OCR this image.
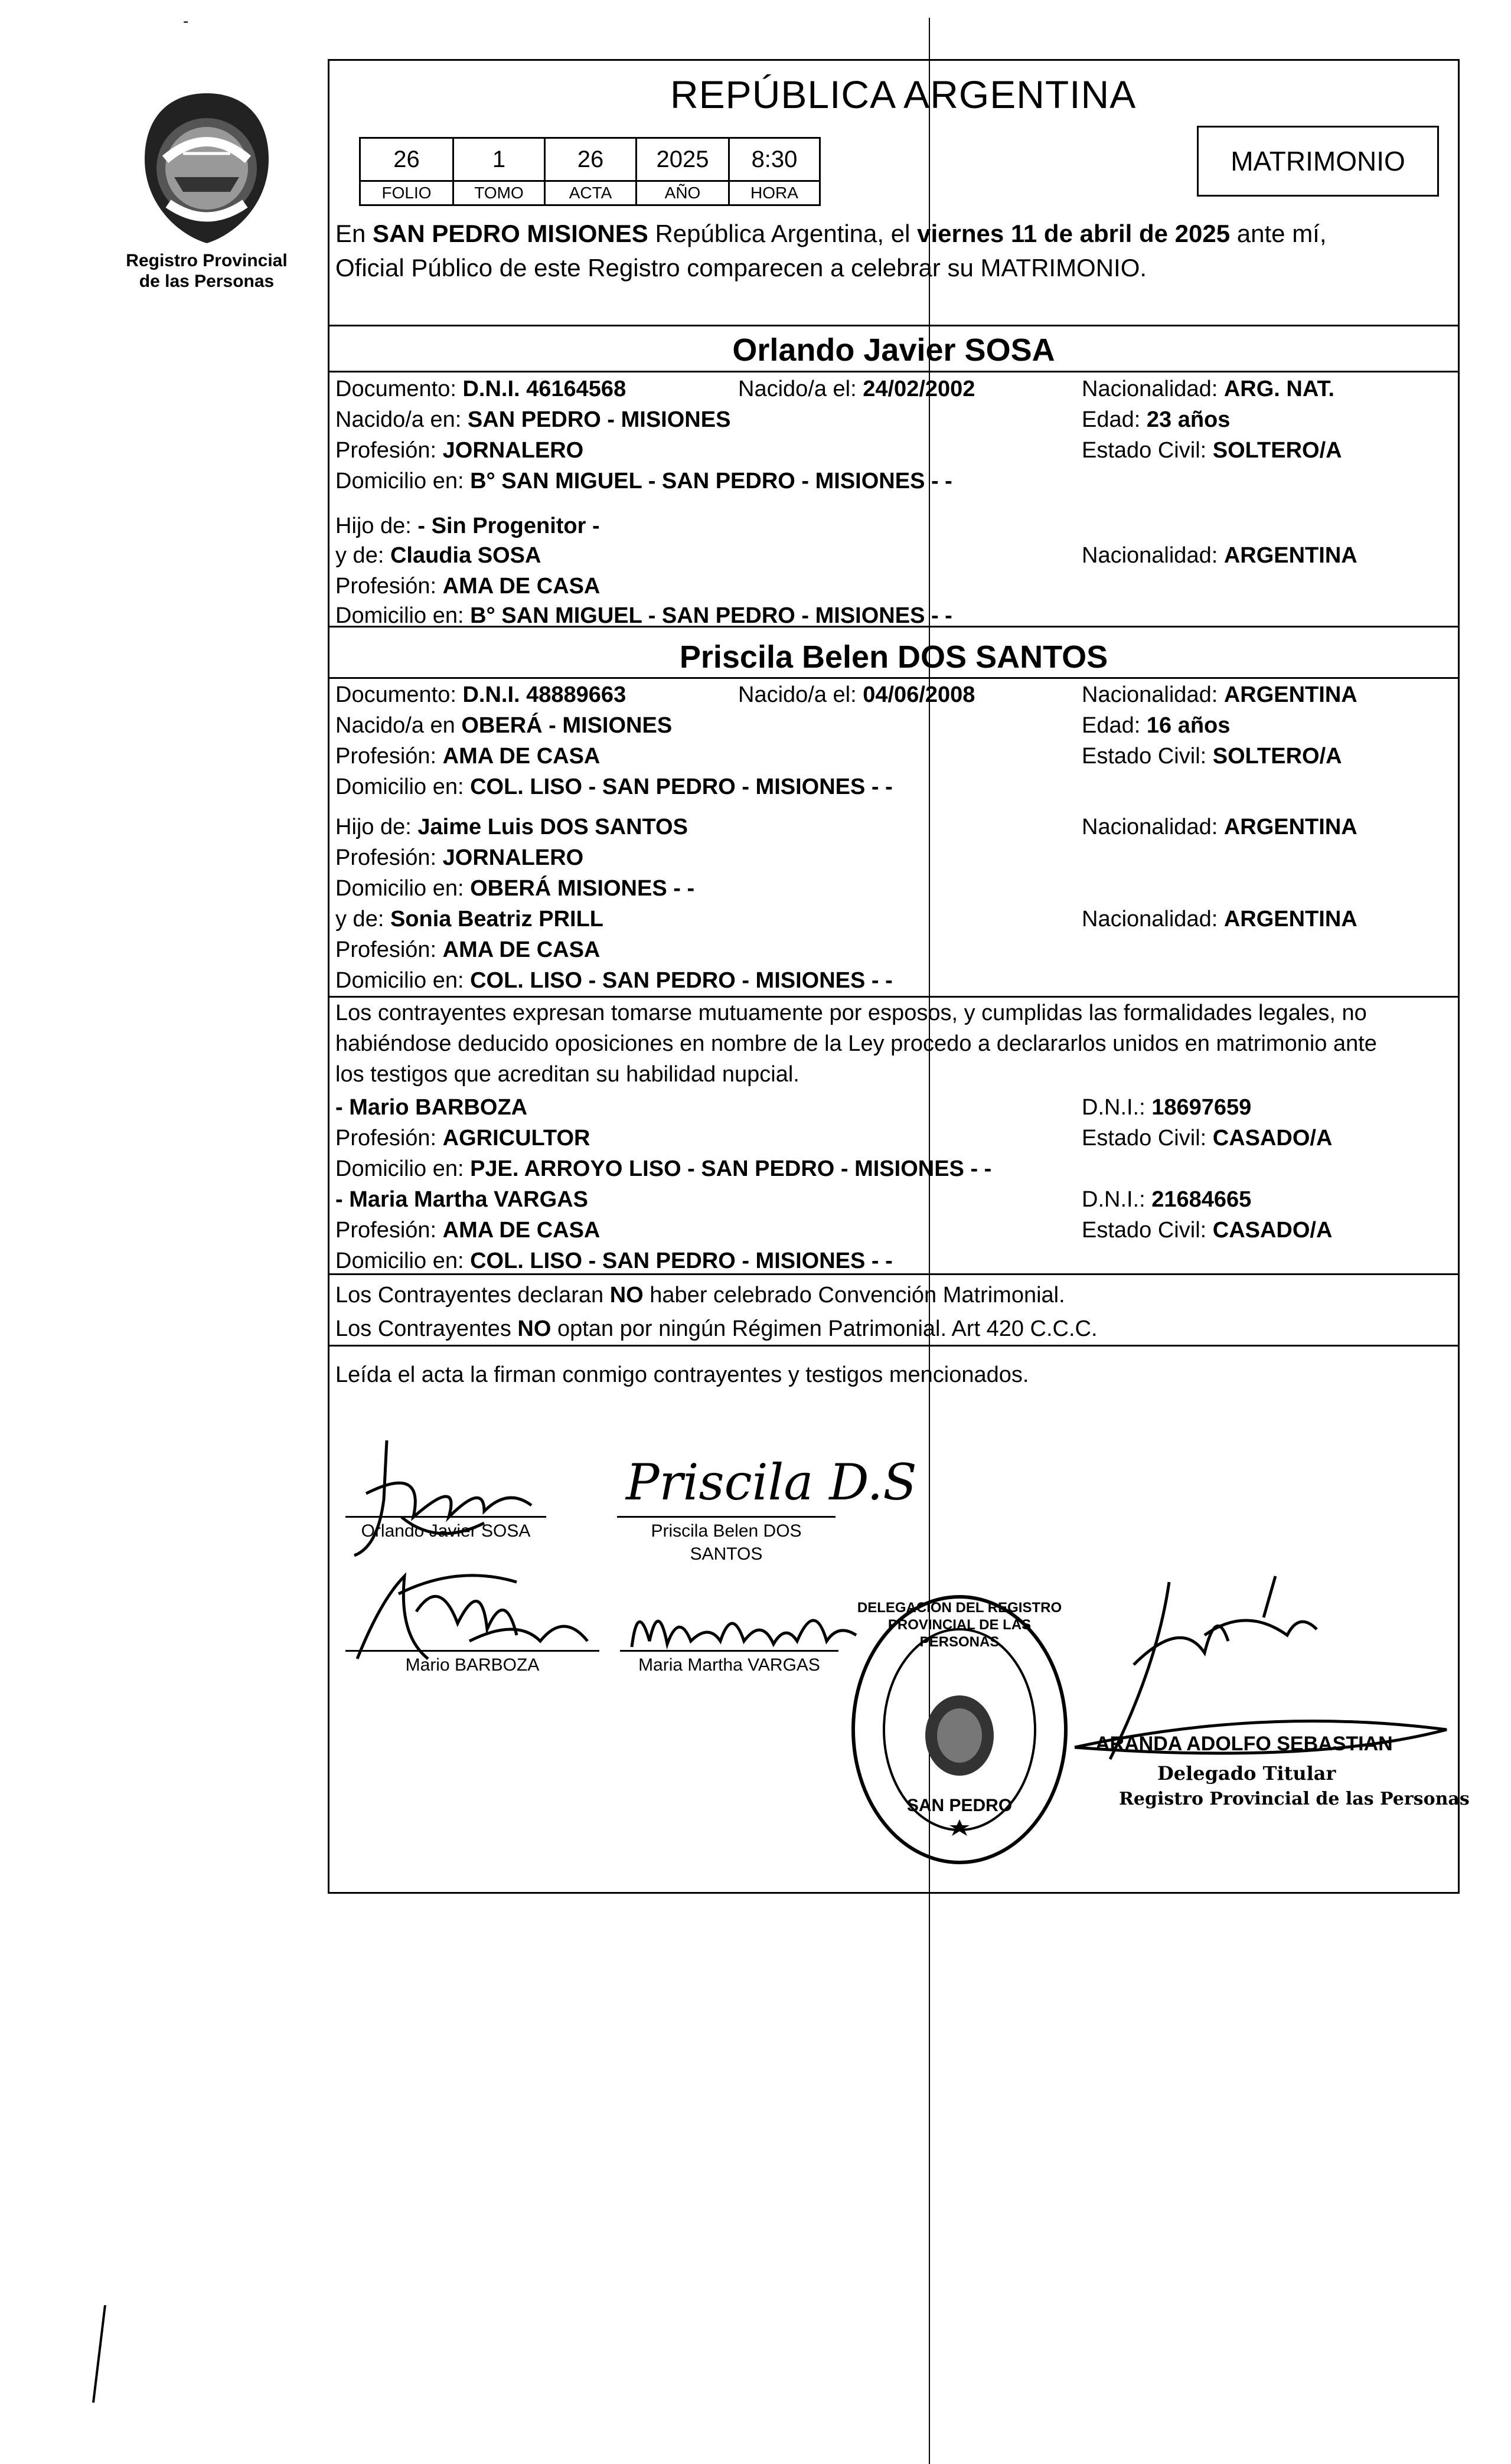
Registro Provincial
de las Personas
REPÚBLICA ARGENTINA
MATRIMONIO
26	1	26	2025	8:30
FOLIO	TOMO	ACTA	AÑO	HORA
En SAN PEDRO MISIONES República Argentina, el viernes 11 de abril de 2025 ante mí,
Oficial Público de este Registro comparecen a celebrar su MATRIMONIO.
Orlando Javier SOSA
Documento: D.N.I. 46164568	Nacido/a el: 24/02/2002	Nacionalidad: ARG. NAT.
Nacido/a en: SAN PEDRO - MISIONES	Edad: 23 años
Profesión: JORNALERO	Estado Civil: SOLTERO/A
Domicilio en: B° SAN MIGUEL - SAN PEDRO - MISIONES - -
Hijo de: - Sin Progenitor -
y de: Claudia SOSA	Nacionalidad: ARGENTINA
Profesión: AMA DE CASA
Domicilio en: B° SAN MIGUEL - SAN PEDRO - MISIONES - -
Priscila Belen DOS SANTOS
Documento: D.N.I. 48889663	Nacido/a el: 04/06/2008	Nacionalidad: ARGENTINA
Nacido/a en OBERÁ - MISIONES	Edad: 16 años
Profesión: AMA DE CASA	Estado Civil: SOLTERO/A
Domicilio en: COL. LISO - SAN PEDRO - MISIONES - -
Hijo de: Jaime Luis DOS SANTOS	Nacionalidad: ARGENTINA
Profesión: JORNALERO
Domicilio en: OBERÁ MISIONES - -
y de: Sonia Beatriz PRILL	Nacionalidad: ARGENTINA
Profesión: AMA DE CASA
Domicilio en: COL. LISO - SAN PEDRO - MISIONES - -
Los contrayentes expresan tomarse mutuamente por esposos, y cumplidas las formalidades legales, no
habiéndose deducido oposiciones en nombre de la Ley procedo a declararlos unidos en matrimonio ante
los testigos que acreditan su habilidad nupcial.
- Mario BARBOZA	D.N.I.: 18697659
Profesión: AGRICULTOR	Estado Civil: CASADO/A
Domicilio en: PJE. ARROYO LISO - SAN PEDRO - MISIONES - -
- Maria Martha VARGAS	D.N.I.: 21684665
Profesión: AMA DE CASA	Estado Civil: CASADO/A
Domicilio en: COL. LISO - SAN PEDRO - MISIONES - -
Los Contrayentes declaran NO haber celebrado Convención Matrimonial.
Los Contrayentes NO optan por ningún Régimen Patrimonial. Art 420 C.C.C.
Leída el acta la firman conmigo contrayentes y testigos mencionados.
Orlando Javier SOSA
Priscila D.S
Priscila Belen DOS
SANTOS
Mario BARBOZA	Maria Martha VARGAS
DELEGACION DEL REGISTRO PROVINCIAL DE LAS PERSONAS
SAN PEDRO
ARANDA ADOLFO SEBASTIAN
Delegado Titular
Registro Provincial de las Personas
-
